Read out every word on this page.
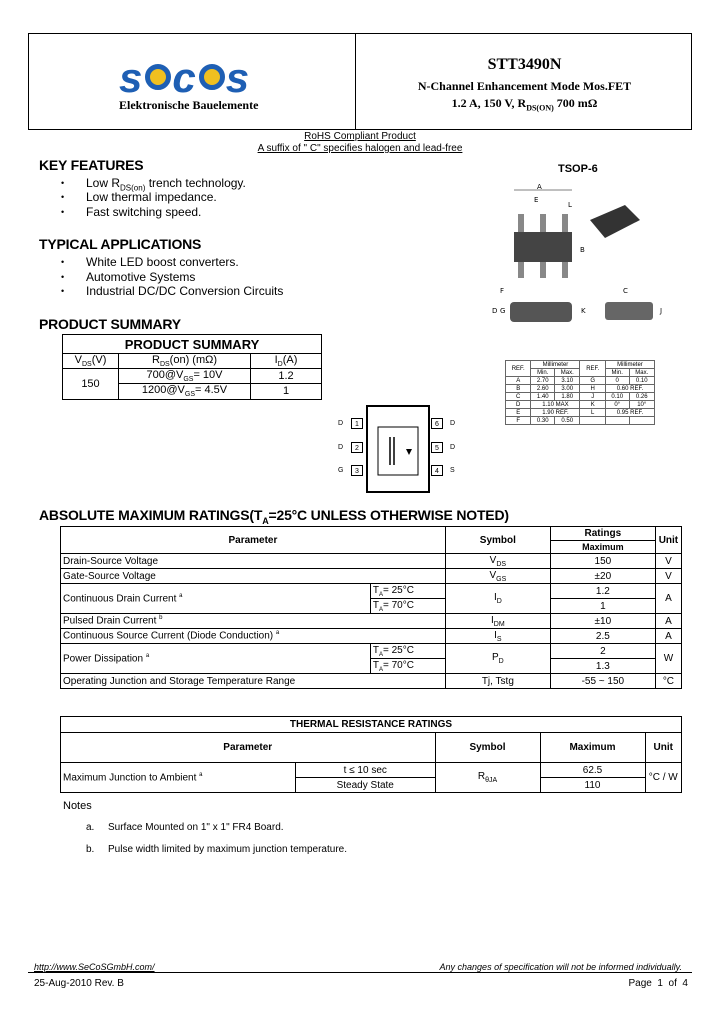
s c s
Elektronische Bauelemente
STT3490N
N-Channel Enhancement Mode Mos.FET
1.2 A, 150 V, $R_{DS(ON)}$ 700 mΩ
RoHS Compliant Product
A suffix of " C" specifies halogen and lead-free
KEY FEATURES
• Low $R_{DS(on)}$ trench technology.
• Low thermal impedance.
• Fast switching speed.
TSOP-6
A
E
L
B
F
D G
C
K	J
TYPICAL APPLICATIONS
• White LED boost converters.
• Automotive Systems
• Industrial DC/DC Conversion Circuits
PRODUCT SUMMARY
PRODUCT SUMMARY		
$V_{DS}(V)$	$R_{DS}(on)$ (mΩ)	$I_D(A)$
150	$700@V_{GS}= 10V$	1.2
	$1200@V_{GS}= 4.5V$	1
REF.	Millimeter		REF.	Millimeter	
	Min.	Max.		Min.	Max.
A	2.70	3.10	G	0	0.10
B	2.60	3.00	H	0.60 REF.	
C	1.40	1.80	J	0.10	0.26
D	1.10 MAX		K	0°	10°
E	1.90 REF.		L	0.95 REF.	
F	0.30	0.50			
D	1
D	2
G	3
6	D
5	D
4	S
ABSOLUTE MAXIMUM $RATINGS(T_A=25^\circ C$ UNLESS OTHERWISE NOTED)
Parameter		Symbol	Ratings	Unit
			Maximum	
Drain-Source Voltage		$V_{DS}$	150	V
Gate-Source Voltage		$V_{GS}$	±20	V
Continuous Drain Current $^a$	$T_A= 25^\circ C$	$I_D$	1.2	A
	$T_A= 70^\circ C$		1	
Pulsed Drain Current $^b$		$I_{DM}$	±10	A
Continuous Source Current (Diode Conduction) $^a$		$I_S$	2.5	A
Power Dissipation $^a$	$T_A= 25^\circ C$	$P_D$	2	W
	$T_A= 70^\circ C$		1.3	
Operating Junction and Storage Temperature Range		Tj, Tstg	-55 ~ 150	°C
THERMAL RESISTANCE RATINGS				
Parameter		Symbol	Maximum	Unit
Maximum Junction to Ambient $^a$	t ≤ 10 sec	$R_{\theta JA}$	62.5	°C / W
	Steady State		110	
Notes
a. Surface Mounted on 1" x 1" FR4 Board.
b. Pulse width limited by maximum junction temperature.
http://www.SeCoSGmbH.com/	Any changes of specification will not be informed individually.
25-Aug-2010 Rev. B	Page  1  of  4
